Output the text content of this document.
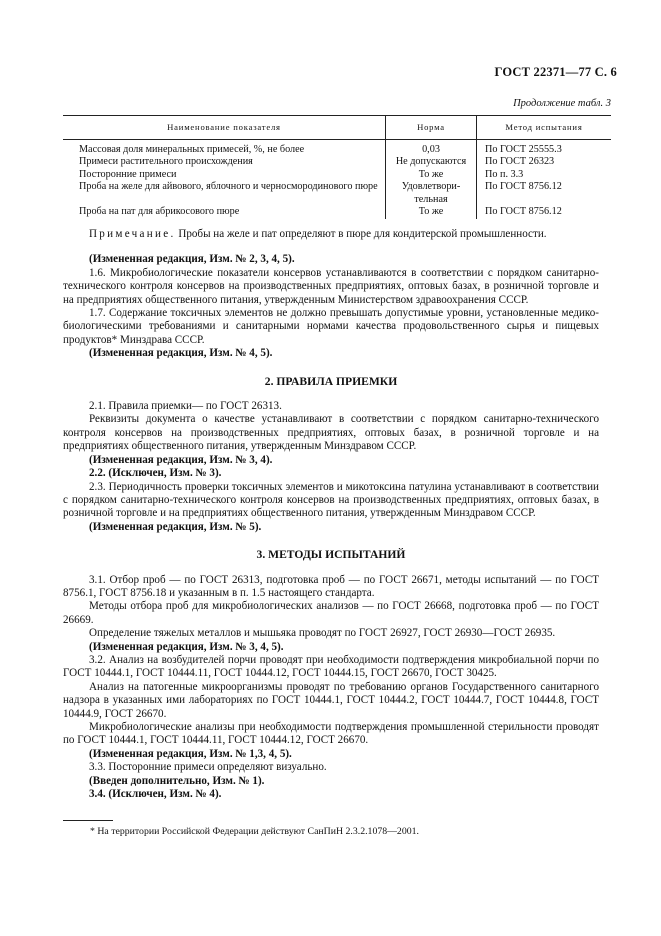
ГОСТ 22371—77 С. 6
Продолжение табл. 3
Наименование показателя	Норма	Метод испытания
Массовая доля минеральных примесей, %, не более	0,03	По ГОСТ 25555.3
Примеси растительного происхождения	Не допускаются	По ГОСТ 26323
Посторонние примеси	То же	По п. 3.3
Проба на желе для айвового, яблочного и черносмородинового пюре	Удовлетвори-тельная	По ГОСТ 8756.12
Проба на пат для абрикосового пюре	То же	По ГОСТ 8756.12

Примечание. Пробы на желе и пат определяют в пюре для кондитерской промышленности.

(Измененная редакция, Изм. № 2, 3, 4, 5).

1.6. Микробиологические показатели консервов устанавливаются в соответствии с порядком санитарно-технического контроля консервов на производственных предприятиях, оптовых базах, в розничной торговле и на предприятиях общественного питания, утвержденным Министерством здравоохранения СССР.

1.7. Содержание токсичных элементов не должно превышать допустимые уровни, установленные медико-биологическими требованиями и санитарными нормами качества продовольственного сырья и пищевых продуктов* Минздрава СССР.

(Измененная редакция, Изм. № 4, 5).

2. ПРАВИЛА ПРИЕМКИ

2.1. Правила приемки— по ГОСТ 26313.

Реквизиты документа о качестве устанавливают в соответствии с порядком санитарно-технического контроля консервов на производственных предприятиях, оптовых базах, в розничной торговле и на предприятиях общественного питания, утвержденным Минздравом СССР.

(Измененная редакция, Изм. № 3, 4).

2.2. (Исключен, Изм. № 3).

2.3. Периодичность проверки токсичных элементов и микотоксина патулина устанавливают в соответствии с порядком санитарно-технического контроля консервов на производственных предприятиях, оптовых базах, в розничной торговле и на предприятиях общественного питания, утвержденным Минздравом СССР.

(Измененная редакция, Изм. № 5).

3. МЕТОДЫ ИСПЫТАНИЙ

3.1. Отбор проб — по ГОСТ 26313, подготовка проб — по ГОСТ 26671, методы испытаний — по ГОСТ 8756.1, ГОСТ 8756.18 и указанным в п. 1.5 настоящего стандарта.

Методы отбора проб для микробиологических анализов — по ГОСТ 26668, подготовка проб — по ГОСТ 26669.

Определение тяжелых металлов и мышьяка проводят по ГОСТ 26927, ГОСТ 26930—ГОСТ 26935.

(Измененная редакция, Изм. № 3, 4, 5).

3.2. Анализ на возбудителей порчи проводят при необходимости подтверждения микробиальной порчи по ГОСТ 10444.1, ГОСТ 10444.11, ГОСТ 10444.12, ГОСТ 10444.15, ГОСТ 26670, ГОСТ 30425.

Анализ на патогенные микроорганизмы проводят по требованию органов Государственного санитарного надзора в указанных ими лабораториях по ГОСТ 10444.1, ГОСТ 10444.2, ГОСТ 10444.7, ГОСТ 10444.8, ГОСТ 10444.9, ГОСТ 26670.

Микробиологические анализы при необходимости подтверждения промышленной стерильности проводят по ГОСТ 10444.1, ГОСТ 10444.11, ГОСТ 10444.12, ГОСТ 26670.

(Измененная редакция, Изм. № 1,3, 4, 5).

3.3. Посторонние примеси определяют визуально.

(Введен дополнительно, Изм. № 1).

3.4. (Исключен, Изм. № 4).

* На территории Российской Федерации действуют СанПиН 2.3.2.1078—2001.
